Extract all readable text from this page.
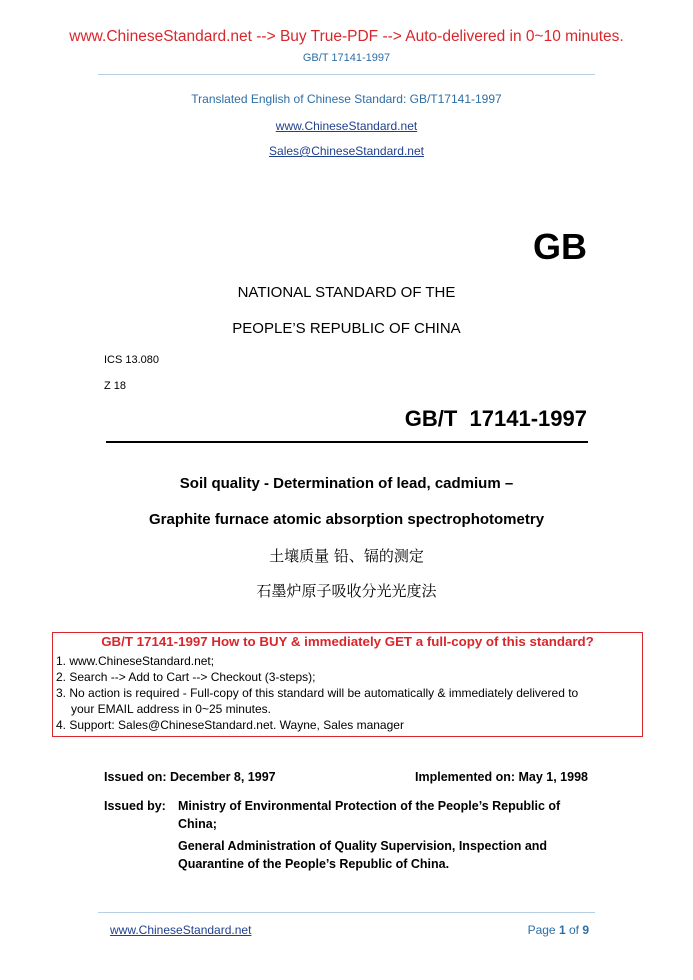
www.ChineseStandard.net --> Buy True-PDF --> Auto-delivered in 0~10 minutes.
GB/T 17141-1997
Translated English of Chinese Standard: GB/T17141-1997
www.ChineseStandard.net
Sales@ChineseStandard.net
GB
NATIONAL STANDARD OF THE
PEOPLE’S REPUBLIC OF CHINA
ICS 13.080
Z 18
GB/T  17141-1997
Soil quality - Determination of lead, cadmium –
Graphite furnace atomic absorption spectrophotometry
土壤质量 铅、镉的测定
石墨炉原子吸收分光光度法
GB/T 17141-1997 How to BUY & immediately GET a full-copy of this standard?
1. www.ChineseStandard.net;
2. Search --> Add to Cart --> Checkout (3-steps);
3. No action is required - Full-copy of this standard will be automatically & immediately delivered to
your EMAIL address in 0~25 minutes.
4. Support: Sales@ChineseStandard.net. Wayne, Sales manager
Issued on: December 8, 1997	Implemented on: May 1, 1998
Issued by: Ministry of Environmental Protection of the People’s Republic of China;

General Administration of Quality Supervision, Inspection and Quarantine of the People’s Republic of China.

www.ChineseStandard.net	Page 1 of 9
